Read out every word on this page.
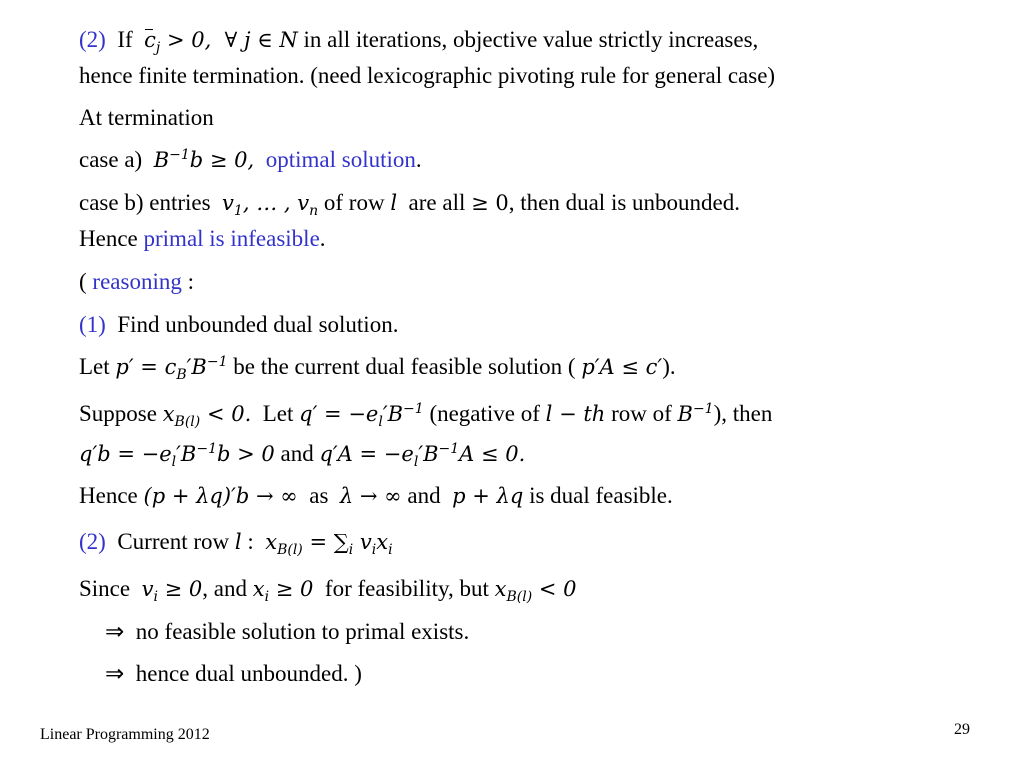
(2) If $c_j > 0$,  ∀ j ∈ N in all iterations, objective value strictly increases,
hence finite termination. (need lexicographic pivoting rule for general case)
At termination
case a) $B^{-1}b \ge 0$, optimal solution.
case b) entries $v_1$, … , $v_n$ of row l are all ≥ 0, then dual is unbounded.
Hence primal is infeasible.
( reasoning :
(1) Find unbounded dual solution.
Let $p' = c_B'B^{-1}$ be the current dual feasible solution ( p′A ≤ c′).
Suppose $x_{B(l)} < 0$. Let $q' = -e_l'B^{-1}$ (negative of l − th row of $B^{-1}$), then
$q'b = -e_l'B^{-1}b > 0$ and $q'A = -e_l'B^{-1}A \le 0$.
Hence (p + λq)′b → ∞ as λ → ∞ and p + λq is dual feasible.
(2) Current row l : $x_{B(l)} = \sum_i$ $v_ix_i$
Since $v_i \ge 0$, and $x_i \ge 0$ for feasibility, but $x_{B(l)} < 0$
⇒ no feasible solution to primal exists.
⇒ hence dual unbounded. )
Linear Programming 2012	29
